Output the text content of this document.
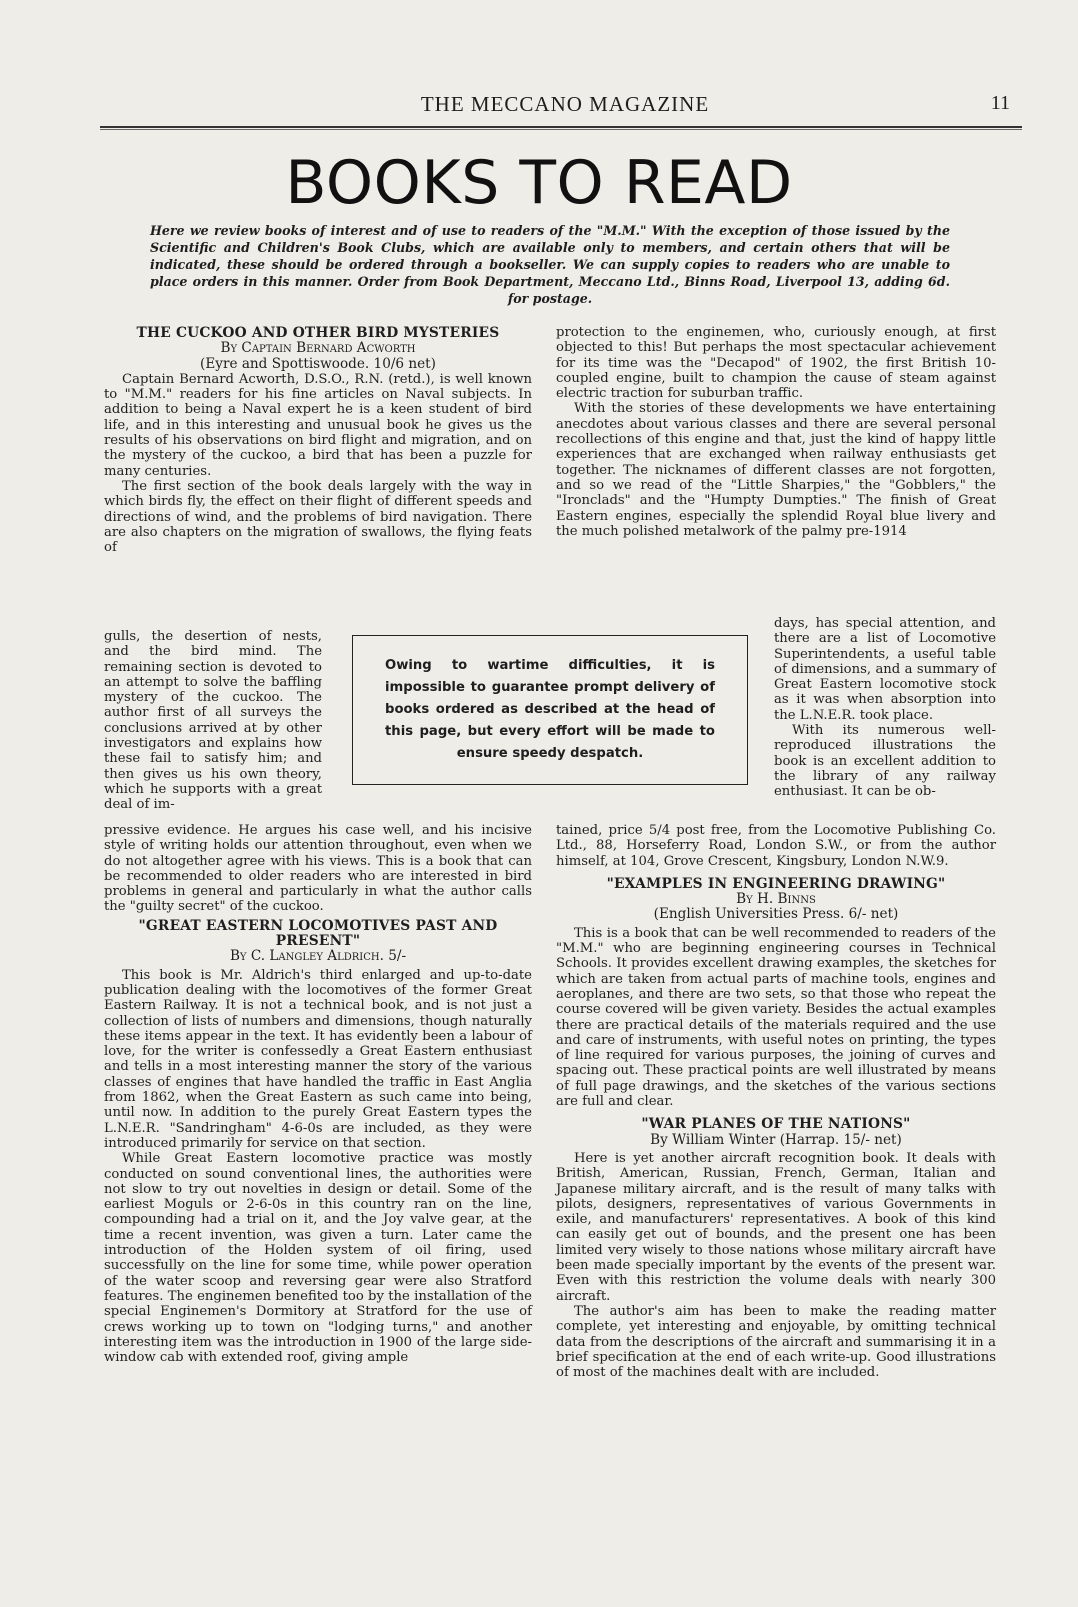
THE MECCANO MAGAZINE	11
BOOKS TO READ
Here we review books of interest and of use to readers of the "M.M." With the exception of those issued by the Scientific and Children's Book Clubs, which are available only to members, and certain others that will be indicated, these should be ordered through a bookseller. We can supply copies to readers who are unable to place orders in this manner. Order from Book Department, Meccano Ltd., Binns Road, Liverpool 13, adding 6d. for postage.
THE CUCKOO AND OTHER BIRD MYSTERIES

By Captain Bernard Acworth

(Eyre and Spottiswoode. 10/6 net)

Captain Bernard Acworth, D.S.O., R.N. (retd.), is well known to "M.M." readers for his fine articles on Naval subjects. In addition to being a Naval expert he is a keen student of bird life, and in this interesting and unusual book he gives us the results of his observations on bird flight and migration, and on the mystery of the cuckoo, a bird that has been a puzzle for many centuries.

The first section of the book deals largely with the way in which birds fly, the effect on their flight of different speeds and directions of wind, and the problems of bird navigation. There are also chapters on the migration of swallows, the flying feats of

gulls, the desertion of nests, and the bird mind. The remaining section is devoted to an attempt to solve the baffling mystery of the cuckoo. The author first of all surveys the conclusions arrived at by other investigators and explains how these fail to satisfy him; and then gives us his own theory, which he supports with a great deal of im-

Owing to wartime difficulties, it is impossible to guarantee prompt delivery of books ordered as described at the head of this page, but every effort will be made to ensure speedy despatch.

protection to the enginemen, who, curiously enough, at first objected to this! But perhaps the most spectacular achievement for its time was the "Decapod" of 1902, the first British 10-coupled engine, built to champion the cause of steam against electric traction for suburban traffic.

With the stories of these developments we have entertaining anecdotes about various classes and there are several personal recollections of this engine and that, just the kind of happy little experiences that are exchanged when railway enthusiasts get together. The nicknames of different classes are not forgotten, and so we read of the "Little Sharpies," the "Gobblers," the "Ironclads" and the "Humpty Dumpties." The finish of Great Eastern engines, especially the splendid Royal blue livery and the much polished metalwork of the palmy pre-1914

days, has special attention, and there are a list of Locomotive Superintendents, a useful table of dimensions, and a summary of Great Eastern locomotive stock as it was when absorption into the L.N.E.R. took place.

With its numerous well-reproduced illustrations the book is an excellent addition to the library of any railway enthusiast. It can be ob-

pressive evidence. He argues his case well, and his incisive style of writing holds our attention throughout, even when we do not altogether agree with his views. This is a book that can be recommended to older readers who are interested in bird problems in general and particularly in what the author calls the "guilty secret" of the cuckoo.

"GREAT EASTERN LOCOMOTIVES PAST AND PRESENT"

By C. Langley Aldrich. 5/-

This book is Mr. Aldrich's third enlarged and up-to-date publication dealing with the locomotives of the former Great Eastern Railway. It is not a technical book, and is not just a collection of lists of numbers and dimensions, though naturally these items appear in the text. It has evidently been a labour of love, for the writer is confessedly a Great Eastern enthusiast and tells in a most interesting manner the story of the various classes of engines that have handled the traffic in East Anglia from 1862, when the Great Eastern as such came into being, until now. In addition to the purely Great Eastern types the L.N.E.R. "Sandringham" 4-6-0s are included, as they were introduced primarily for service on that section.

While Great Eastern locomotive practice was mostly conducted on sound conventional lines, the authorities were not slow to try out novelties in design or detail. Some of the earliest Moguls or 2-6-0s in this country ran on the line, compounding had a trial on it, and the Joy valve gear, at the time a recent invention, was given a turn. Later came the introduction of the Holden system of oil firing, used successfully on the line for some time, while power operation of the water scoop and reversing gear were also Stratford features. The enginemen benefited too by the installation of the special Enginemen's Dormitory at Stratford for the use of crews working up to town on "lodging turns," and another interesting item was the introduction in 1900 of the large side-window cab with extended roof, giving ample

tained, price 5/4 post free, from the Locomotive Publishing Co. Ltd., 88, Horseferry Road, London S.W., or from the author himself, at 104, Grove Crescent, Kingsbury, London N.W.9.

"EXAMPLES IN ENGINEERING DRAWING"

By H. Binns

(English Universities Press. 6/- net)

This is a book that can be well recommended to readers of the "M.M." who are beginning engineering courses in Technical Schools. It provides excellent drawing examples, the sketches for which are taken from actual parts of machine tools, engines and aeroplanes, and there are two sets, so that those who repeat the course covered will be given variety. Besides the actual examples there are practical details of the materials required and the use and care of instruments, with useful notes on printing, the types of line required for various purposes, the joining of curves and spacing out. These practical points are well illustrated by means of full page drawings, and the sketches of the various sections are full and clear.

"WAR PLANES OF THE NATIONS"

By William Winter (Harrap. 15/- net)

Here is yet another aircraft recognition book. It deals with British, American, Russian, French, German, Italian and Japanese military aircraft, and is the result of many talks with pilots, designers, representatives of various Governments in exile, and manufacturers' representatives. A book of this kind can easily get out of bounds, and the present one has been limited very wisely to those nations whose military aircraft have been made specially important by the events of the present war. Even with this restriction the volume deals with nearly 300 aircraft.

The author's aim has been to make the reading matter complete, yet interesting and enjoyable, by omitting technical data from the descriptions of the aircraft and summarising it in a brief specification at the end of each write-up. Good illustrations of most of the machines dealt with are included.
